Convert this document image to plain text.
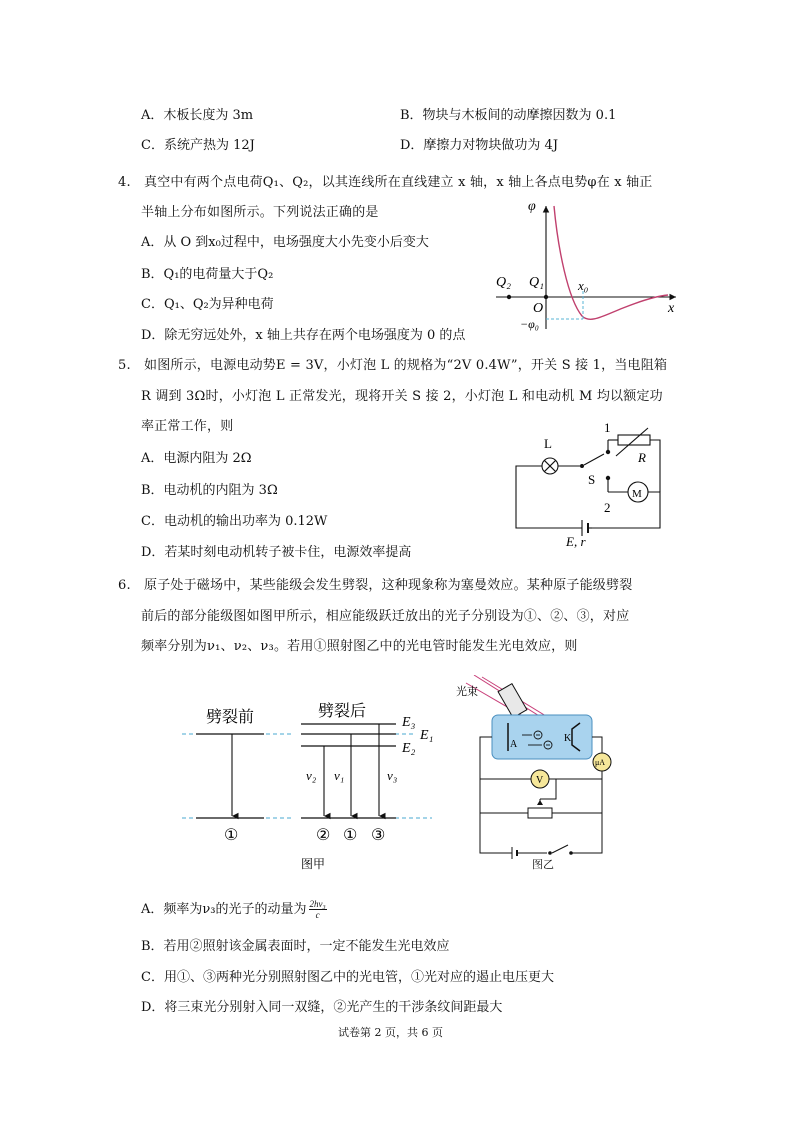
A．木板长度为 3m	B．物块与木板间的动摩擦因数为 0.1
C．系统产热为 12J	D．摩擦力对物块做功为 4J
4.　真空中有两个点电荷Q₁、Q₂，以其连线所在直线建立 x 轴，x 轴上各点电势φ在 x 轴正
半轴上分布如图所示。下列说法正确的是
A．从 O 到x₀过程中，电场强度大小先变小后变大
B．Q₁的电荷量大于Q₂
C．Q₁、Q₂为异种电荷
D．除无穷远处外，x 轴上共存在两个电场强度为 0 的点
φ
x
Q₂ Q₁
O
x₀
−φ₀
5.　如图所示，电源电动势E = 3V，小灯泡 L 的规格为“2V 0.4W”，开关 S 接 1，当电阻箱
R 调到 3Ω时，小灯泡 L 正常发光，现将开关 S 接 2，小灯泡 L 和电动机 M 均以额定功
率正常工作，则
A．电源内阻为 2Ω
B．电动机的内阻为 3Ω
C．电动机的输出功率为 0.12W
D．若某时刻电动机转子被卡住，电源效率提高
L
S
1
2
R
M
E, r
6.　原子处于磁场中，某些能级会发生劈裂，这种现象称为塞曼效应。某种原子能级劈裂
前后的部分能级图如图甲所示，相应能级跃迁放出的光子分别设为①、②、③，对应
频率分别为ν₁、ν₂、ν₃。若用①照射图乙中的光电管时能发生光电效应，则
劈裂前	劈裂后
E₃
E₁
E₂
ν₂ ν₁	ν₃
①	② ① ③
图甲
A
K
V
μA
光束
图乙
A．频率为ν₃的光子的动量为 $\frac{\text{2hν₃}}{c}$
B．若用②照射该金属表面时，一定不能发生光电效应
C．用①、③两种光分别照射图乙中的光电管，①光对应的遏止电压更大
D．将三束光分别射入同一双缝，②光产生的干涉条纹间距最大
试卷第 2 页，共 6 页
